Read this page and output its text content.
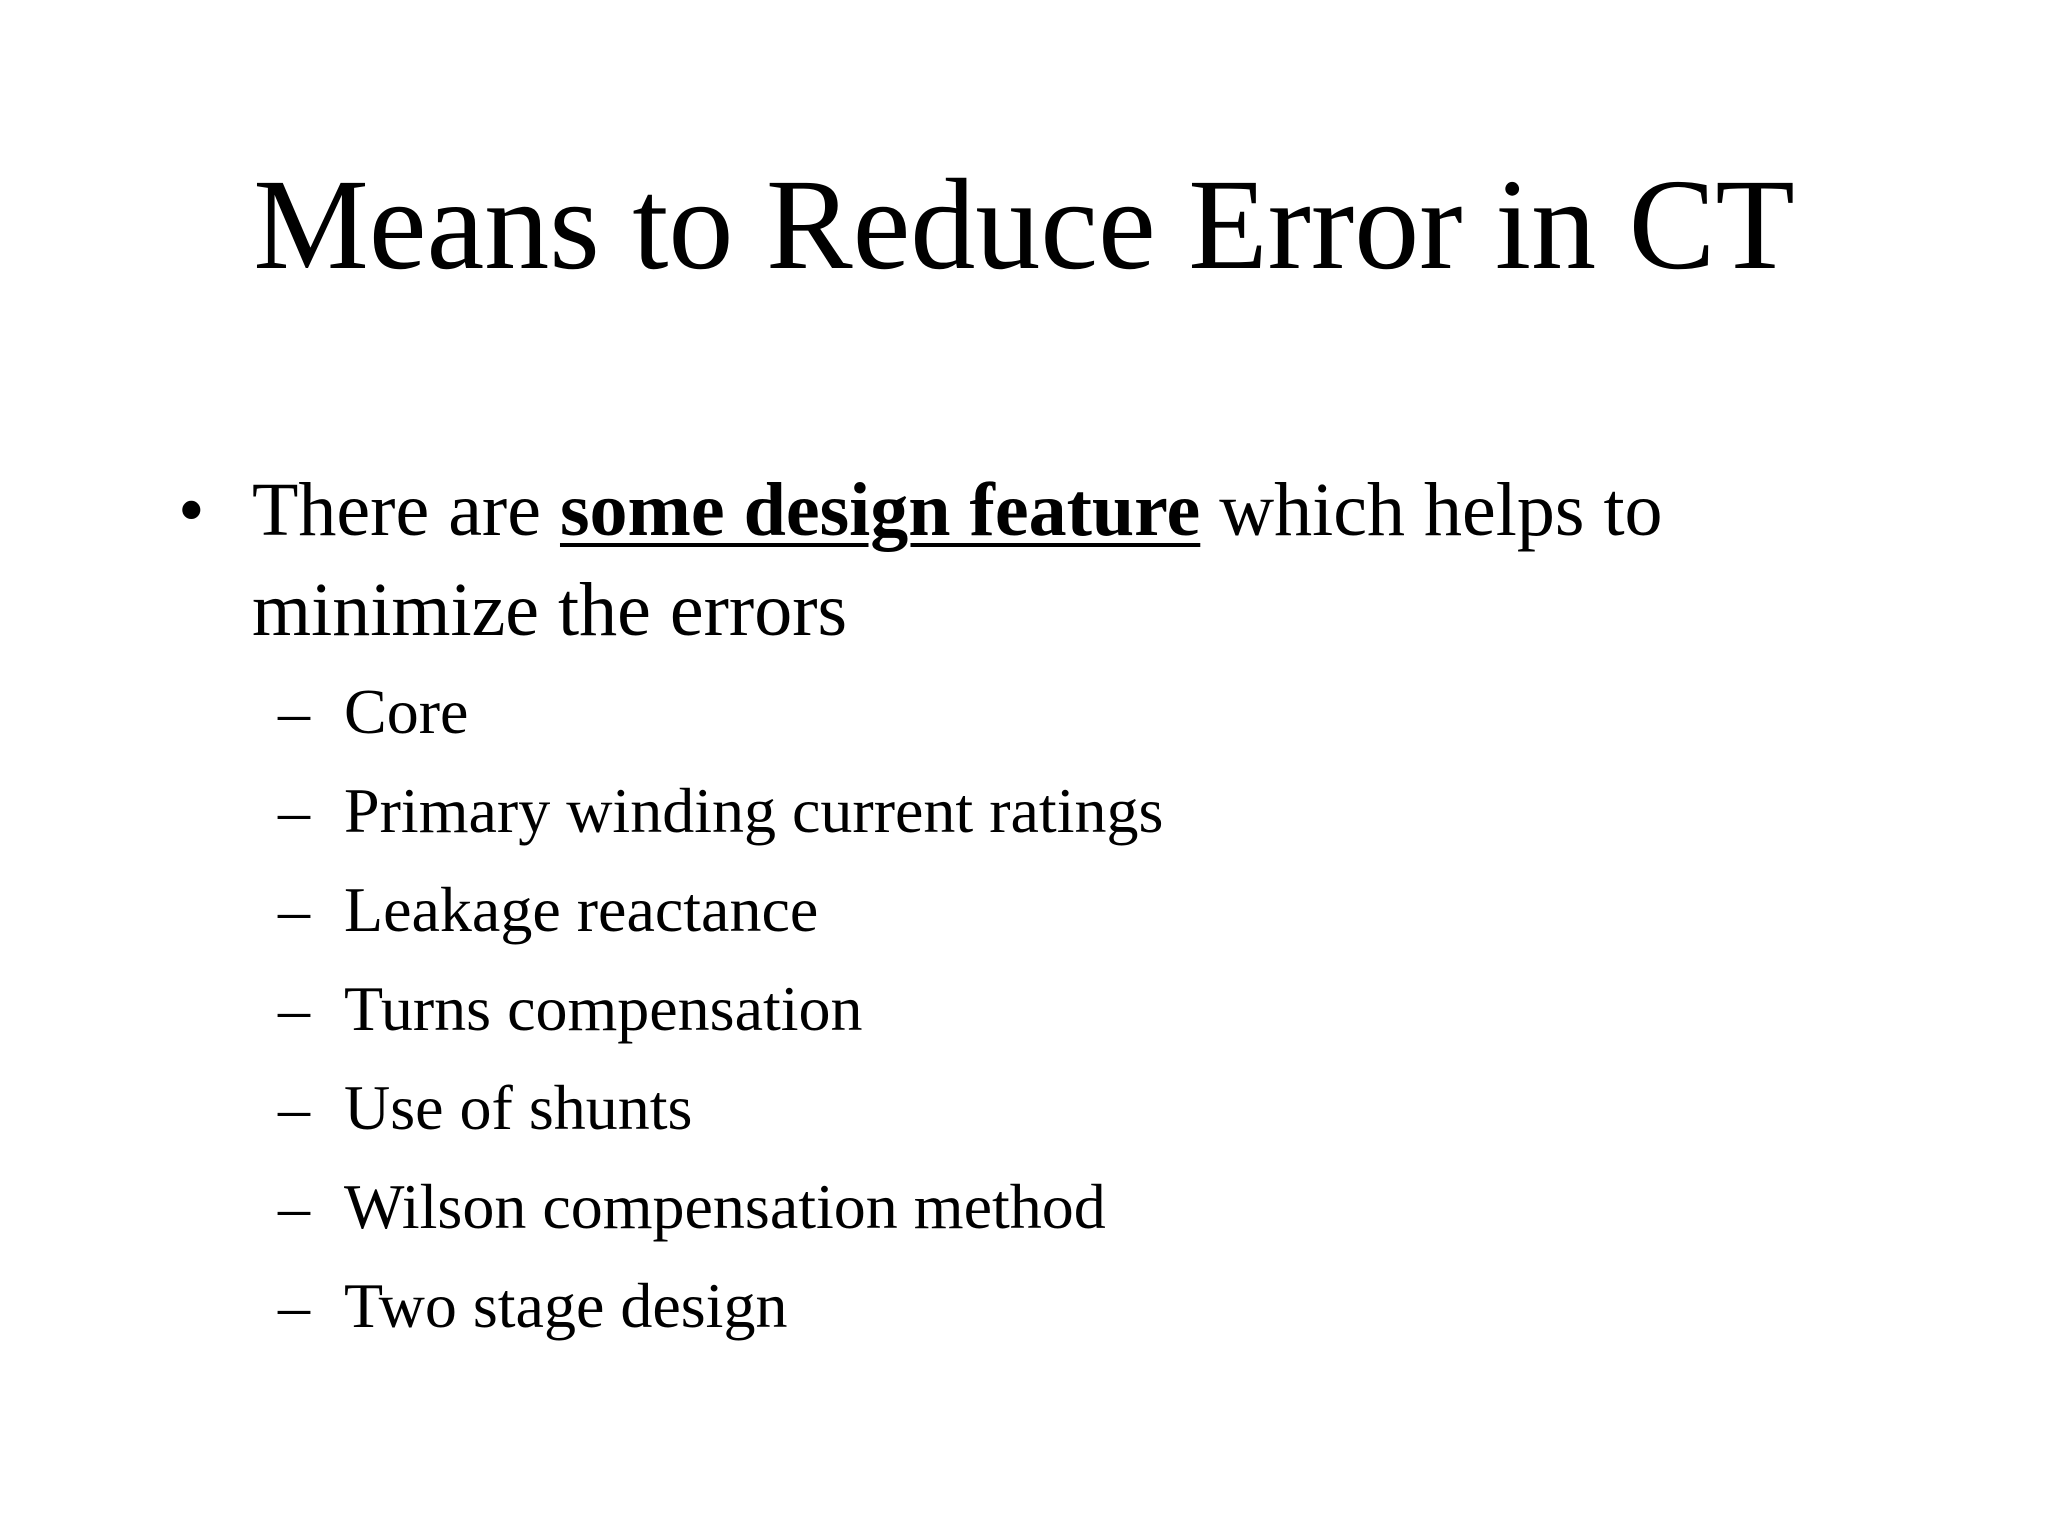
Means to Reduce Error in CT
• There are some design feature which helps to minimize the errors
– Core
– Primary winding current ratings
– Leakage reactance
– Turns compensation
– Use of shunts
– Wilson compensation method
– Two stage design
